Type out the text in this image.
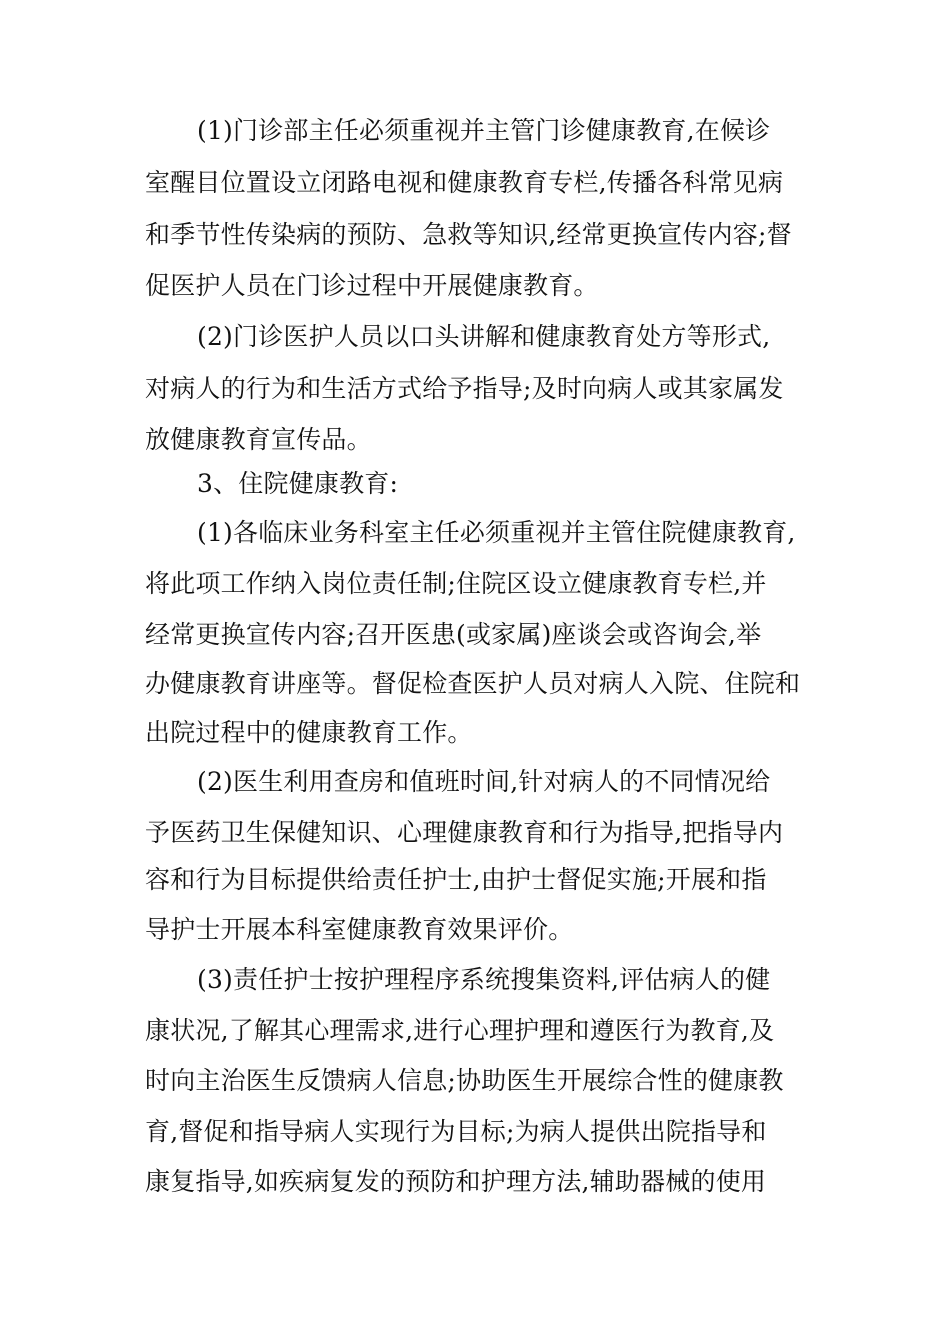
(1)门诊部主任必须重视并主管门诊健康教育,在候诊
室醒目位置设立闭路电视和健康教育专栏,传播各科常见病
和季节性传染病的预防、急救等知识,经常更换宣传内容;督
促医护人员在门诊过程中开展健康教育。
(2)门诊医护人员以口头讲解和健康教育处方等形式,
对病人的行为和生活方式给予指导;及时向病人或其家属发
放健康教育宣传品。
3、住院健康教育:
(1)各临床业务科室主任必须重视并主管住院健康教育,
将此项工作纳入岗位责任制;住院区设立健康教育专栏,并
经常更换宣传内容;召开医患(或家属)座谈会或咨询会,举
办健康教育讲座等。督促检查医护人员对病人入院、住院和
出院过程中的健康教育工作。
(2)医生利用查房和值班时间,针对病人的不同情况给
予医药卫生保健知识、心理健康教育和行为指导,把指导内
容和行为目标提供给责任护士,由护士督促实施;开展和指
导护士开展本科室健康教育效果评价。
(3)责任护士按护理程序系统搜集资料,评估病人的健
康状况,了解其心理需求,进行心理护理和遵医行为教育,及
时向主治医生反馈病人信息;协助医生开展综合性的健康教
育,督促和指导病人实现行为目标;为病人提供出院指导和
康复指导,如疾病复发的预防和护理方法,辅助器械的使用
